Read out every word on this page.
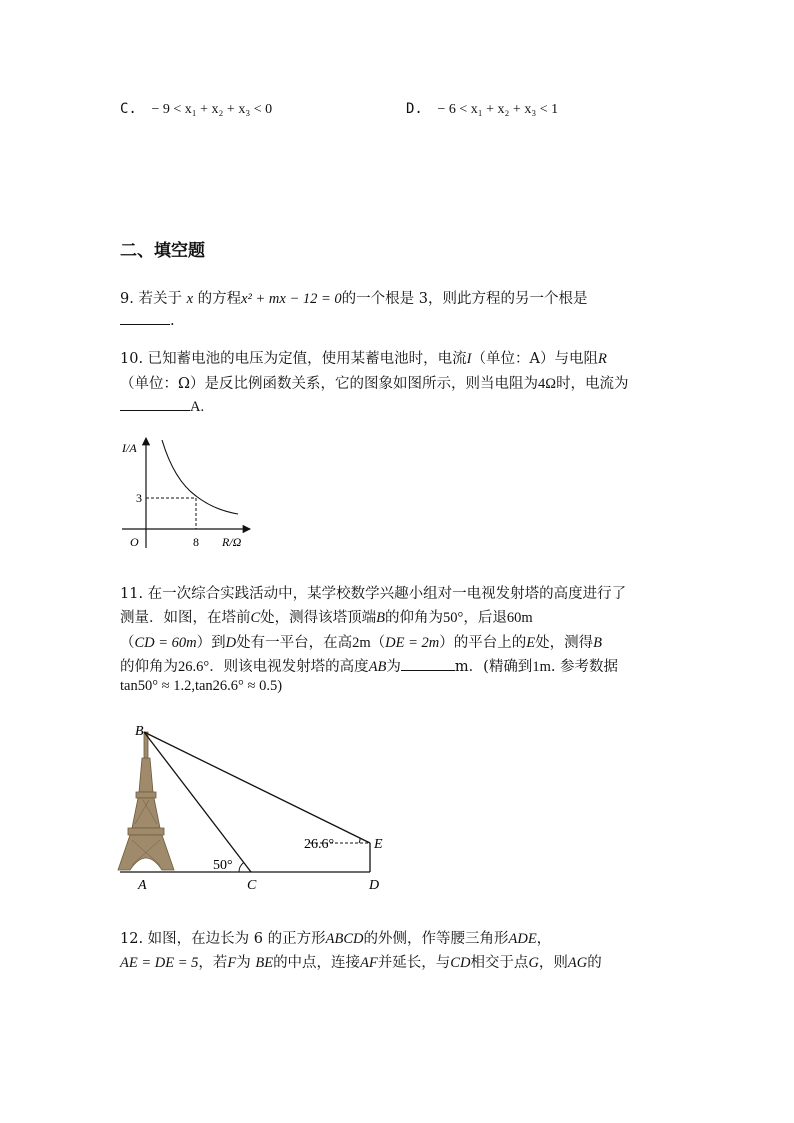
C. − 9 < x₁ + x₂ + x₃ < 0	D. − 6 < x₁ + x₂ + x₃ < 1
二、填空题
9. 若关于 x 的方程x² + mx − 12 = 0的一个根是 3，则此方程的另一个根是
.
10. 已知蓄电池的电压为定值，使用某蓄电池时，电流I（单位：A）与电阻R
（单位：Ω）是反比例函数关系，它的图象如图所示，则当电阻为4Ω时，电流为
A.
I/A
3
O	8 R/Ω
11. 在一次综合实践活动中，某学校数学兴趣小组对一电视发射塔的高度进行了
测量．如图，在塔前C处，测得该塔顶端B的仰角为50°，后退60m
（CD = 60m）到D处有一平台，在高2m（DE = 2m）的平台上的E处，测得B
的仰角为26.6°．则该电视发射塔的高度AB为	m．(精确到1m. 参考数据
tan50° ≈ 1.2,tan26.6° ≈ 0.5)
B
A	C	D
E
50°
26.6°
12. 如图，在边长为 6 的正方形ABCD的外侧，作等腰三角形ADE，
AE = DE = 5，若F为 BE的中点，连接AF并延长，与CD相交于点G，则AG的
